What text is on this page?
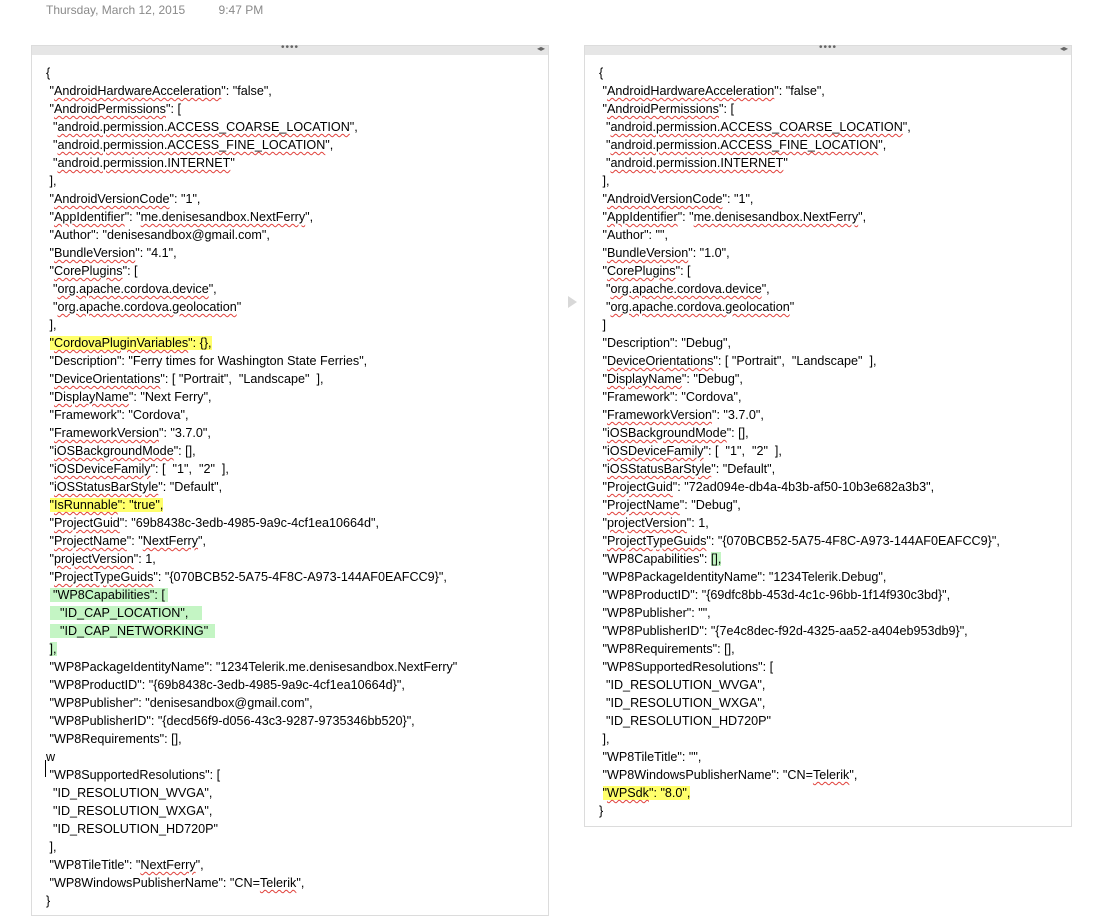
Thursday, March 12, 2015	9:47 PM
••••	◂▸
{
"AndroidHardwareAcceleration": "false",
"AndroidPermissions": [
"android.permission.ACCESS_COARSE_LOCATION",
"android.permission.ACCESS_FINE_LOCATION",
"android.permission.INTERNET"
],
"AndroidVersionCode": "1",
"AppIdentifier": "me.denisesandbox.NextFerry",
"Author": "denisesandbox@gmail.com",
"BundleVersion": "4.1",
"CorePlugins": [
"org.apache.cordova.device",
"org.apache.cordova.geolocation"
],
"CordovaPluginVariables": {},
"Description": "Ferry times for Washington State Ferries",
"DeviceOrientations": [ "Portrait",  "Landscape"  ],
"DisplayName": "Next Ferry",
"Framework": "Cordova",
"FrameworkVersion": "3.7.0",
"iOSBackgroundMode": [],
"iOSDeviceFamily": [  "1",  "2"  ],
"iOSStatusBarStyle": "Default",
"IsRunnable": "true",
"ProjectGuid": "69b8438c-3edb-4985-9a9c-4cf1ea10664d",
"ProjectName": "NextFerry",
"projectVersion": 1,
"ProjectTypeGuids": "{070BCB52-5A75-4F8C-A973-144AF0EAFCC9}",
"WP8Capabilities": [
"ID_CAP_LOCATION",
"ID_CAP_NETWORKING"
],
"WP8PackageIdentityName": "1234Telerik.me.denisesandbox.NextFerry"
"WP8ProductID": "{69b8438c-3edb-4985-9a9c-4cf1ea10664d}",
"WP8Publisher": "denisesandbox@gmail.com",
"WP8PublisherID": "{decd56f9-d056-43c3-9287-9735346bb520}",
"WP8Requirements": [],
w
"WP8SupportedResolutions": [
"ID_RESOLUTION_WVGA",
"ID_RESOLUTION_WXGA",
"ID_RESOLUTION_HD720P"
],
"WP8TileTitle": "NextFerry",
"WP8WindowsPublisherName": "CN=Telerik",
}
••••	◂▸
{
"AndroidHardwareAcceleration": "false",
"AndroidPermissions": [
"android.permission.ACCESS_COARSE_LOCATION",
"android.permission.ACCESS_FINE_LOCATION",
"android.permission.INTERNET"
],
"AndroidVersionCode": "1",
"AppIdentifier": "me.denisesandbox.NextFerry",
"Author": "",
"BundleVersion": "1.0",
"CorePlugins": [
"org.apache.cordova.device",
"org.apache.cordova.geolocation"
]
"Description": "Debug",
"DeviceOrientations": [ "Portrait",  "Landscape"  ],
"DisplayName": "Debug",
"Framework": "Cordova",
"FrameworkVersion": "3.7.0",
"iOSBackgroundMode": [],
"iOSDeviceFamily": [  "1",  "2"  ],
"iOSStatusBarStyle": "Default",
"ProjectGuid": "72ad094e-db4a-4b3b-af50-10b3e682a3b3",
"ProjectName": "Debug",
"projectVersion": 1,
"ProjectTypeGuids": "{070BCB52-5A75-4F8C-A973-144AF0EAFCC9}",
"WP8Capabilities": [],
"WP8PackageIdentityName": "1234Telerik.Debug",
"WP8ProductID": "{69dfc8bb-453d-4c1c-96bb-1f14f930c3bd}",
"WP8Publisher": "",
"WP8PublisherID": "{7e4c8dec-f92d-4325-aa52-a404eb953db9}",
"WP8Requirements": [],
"WP8SupportedResolutions": [
"ID_RESOLUTION_WVGA",
"ID_RESOLUTION_WXGA",
"ID_RESOLUTION_HD720P"
],
"WP8TileTitle": "",
"WP8WindowsPublisherName": "CN=Telerik",
"WPSdk": "8.0",
}
